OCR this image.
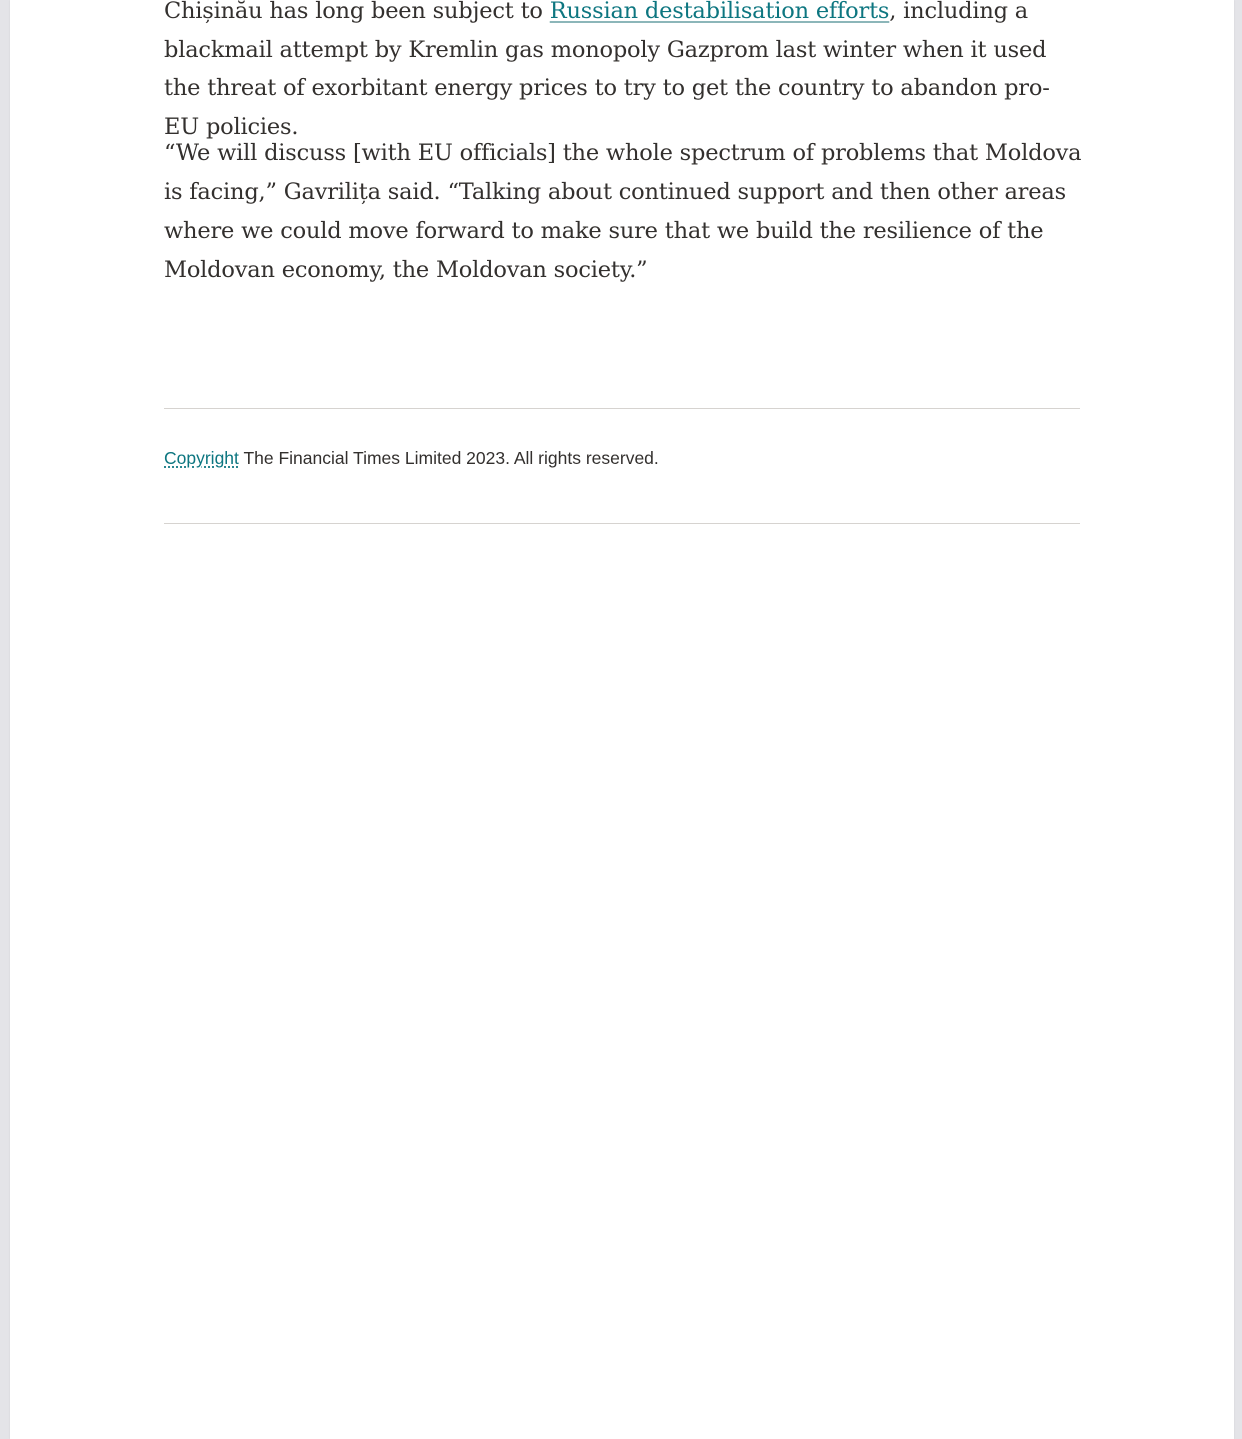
Chișinău has long been subject to Russian destabilisation efforts, including a blackmail attempt by Kremlin gas monopoly Gazprom last winter when it used the threat of exorbitant energy prices to try to get the country to abandon pro-EU policies.

“We will discuss [with EU officials] the whole spectrum of problems that Moldova is facing,” Gavrilița said. “Talking about continued support and then other areas where we could move forward to make sure that we build the resilience of the Moldovan economy, the Moldovan society.”

Copyright The Financial Times Limited 2023. All rights reserved.
